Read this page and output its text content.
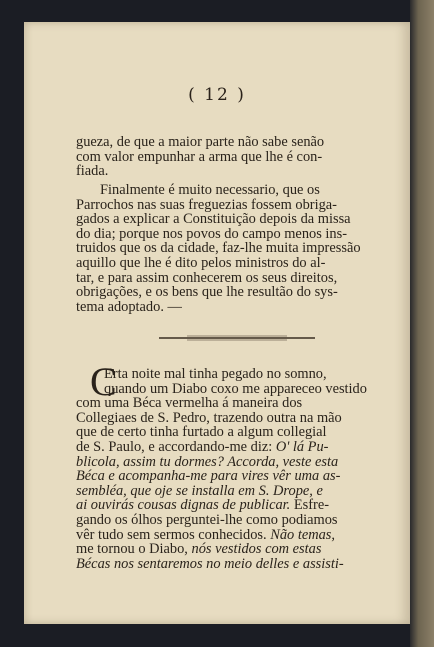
( 12 )
gueza, de que a maior parte não sabe senão
com valor empunhar a arma que lhe é con-
fiada.
Finalmente é muito necessario, que os
Parrochos nas suas freguezias fossem obriga-
gados a explicar a Constituição depois da missa
do dia; porque nos povos do campo menos ins-
truidos que os da cidade, faz-lhe muita impressão
aquillo que lhe é dito pelos ministros do al-
tar, e para assim conhecerem os seus direitos,
obrigações, e os bens que lhe resultão do sys-
tema adoptado. —
C
Erta noite mal tinha pegado no somno,
quando um Diabo coxo me appareceo vestido
com uma Béca vermelha á maneira dos
Collegiaes de S. Pedro, trazendo outra na mão
que de certo tinha furtado a algum collegial
de S. Paulo, e accordando-me diz: O' lá Pu-
blicola, assim tu dormes? Accorda, veste esta
Béca e acompanha-me para vires vêr uma as-
sembléa, que oje se installa em S. Drope, e
ai ouvirás cousas dignas de publicar. Esfre-
gando os ólhos perguntei-lhe como podiamos
vêr tudo sem sermos conhecidos. Não temas,
me tornou o Diabo, nós vestidos com estas
Bécas nos sentaremos no meio delles e assisti-
